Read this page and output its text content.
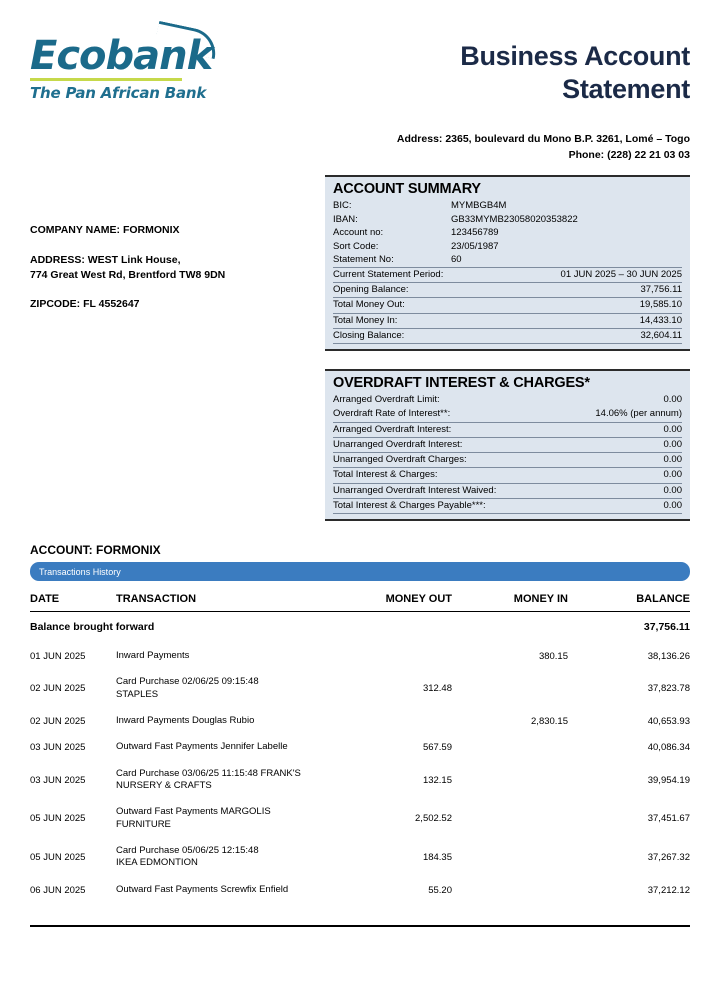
Ecobank
The Pan African Bank
Business Account
Statement
Address: 2365, boulevard du Mono B.P. 3261, Lomé – Togo
Phone: (228) 22 21 03 03
COMPANY NAME: FORMONIX
ADDRESS: WEST Link House,
774 Great West Rd, Brentford TW8 9DN
ZIPCODE: FL 4552647
ACCOUNT SUMMARY
BIC:	MYMBGB4M
IBAN:	GB33MYMB23058020353822
Account no:	123456789
Sort Code:	23/05/1987
Statement No:	60
Current Statement Period:	01 JUN 2025 – 30 JUN 2025
Opening Balance:	37,756.11
Total Money Out:	19,585.10
Total Money In:	14,433.10
Closing Balance:	32,604.11
OVERDRAFT INTEREST & CHARGES*
Arranged Overdraft Limit:	0.00
Overdraft Rate of Interest**:	14.06% (per annum)
Arranged Overdraft Interest:	0.00
Unarranged Overdraft Interest:	0.00
Unarranged Overdraft Charges:	0.00
Total Interest & Charges:	0.00
Unarranged Overdraft Interest Waived:	0.00
Total Interest & Charges Payable***:	0.00
ACCOUNT: FORMONIX
Transactions History
DATE	TRANSACTION	MONEY OUT	MONEY IN	BALANCE
Balance brought forward				37,756.11
01 JUN 2025	Inward Payments		380.15	38,136.26
02 JUN 2025	Card Purchase 02/06/25 09:15:48
STAPLES	312.48		37,823.78
02 JUN 2025	Inward Payments Douglas Rubio		2,830.15	40,653.93
03 JUN 2025	Outward Fast Payments Jennifer Labelle	567.59		40,086.34
03 JUN 2025	Card Purchase 03/06/25 11:15:48 FRANK'S
NURSERY & CRAFTS	132.15		39,954.19
05 JUN 2025	Outward Fast Payments MARGOLIS
FURNITURE	2,502.52		37,451.67
05 JUN 2025	Card Purchase 05/06/25 12:15:48
IKEA EDMONTION	184.35		37,267.32
06 JUN 2025	Outward Fast Payments Screwfix Enfield	55.20		37,212.12
